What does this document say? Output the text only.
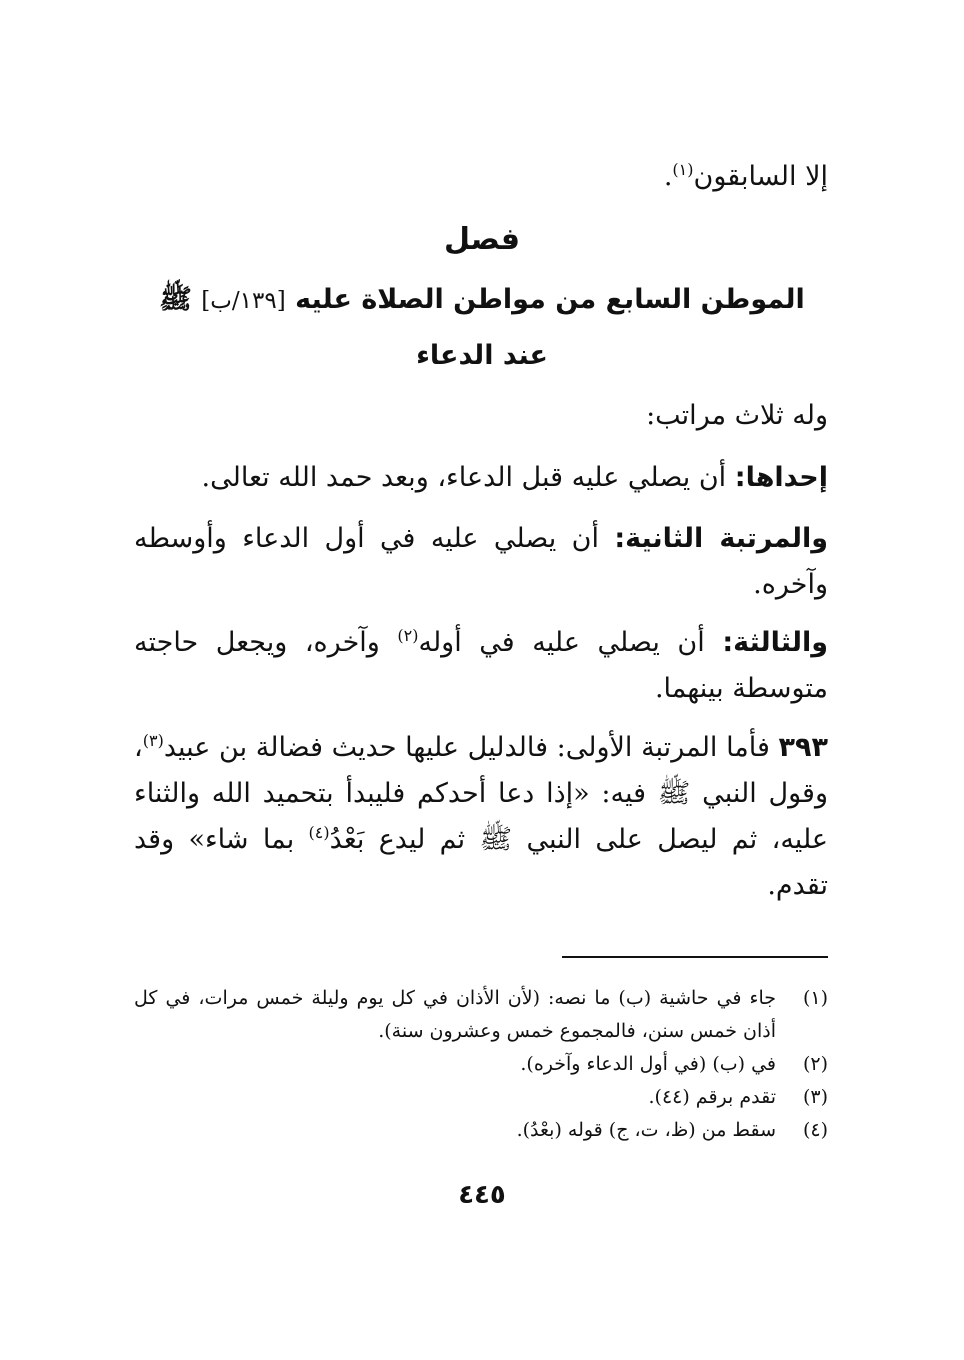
إلا السابقون$^{(١)}$.
فصل
الموطن السابع من مواطن الصلاة عليه [١٣٩/ب] ﷺ
عند الدعاء
وله ثلاث مراتب:
إحداها: أن يصلي عليه قبل الدعاء، وبعد حمد الله تعالى.
والمرتبة الثانية: أن يصلي عليه في أول الدعاء وأوسطه وآخره.
والثالثة: أن يصلي عليه في أوله$^{(٢)}$ وآخره، ويجعل حاجته متوسطة بينهما.
٣٩٣ فأما المرتبة الأولى: فالدليل عليها حديث فضالة بن عبيد$^{(٣)}$، وقول النبي ﷺ فيه: «إذا دعا أحدكم فليبدأ بتحميد الله والثناء عليه، ثم ليصل على النبي ﷺ ثم ليدع بَعْدُ$^{(٤)}$ بما شاء» وقد تقدم.
(١)
جاء في حاشية (ب) ما نصه: (لأن الأذان في كل يوم وليلة خمس مرات، في كل أذان خمس سنن، فالمجموع خمس وعشرون سنة).
(٢)
في (ب) (في أول الدعاء وآخره).
(٣)
تقدم برقم (٤٤).
(٤)
سقط من (ظ، ت، ج) قوله (بعْدُ).
٤٤٥
